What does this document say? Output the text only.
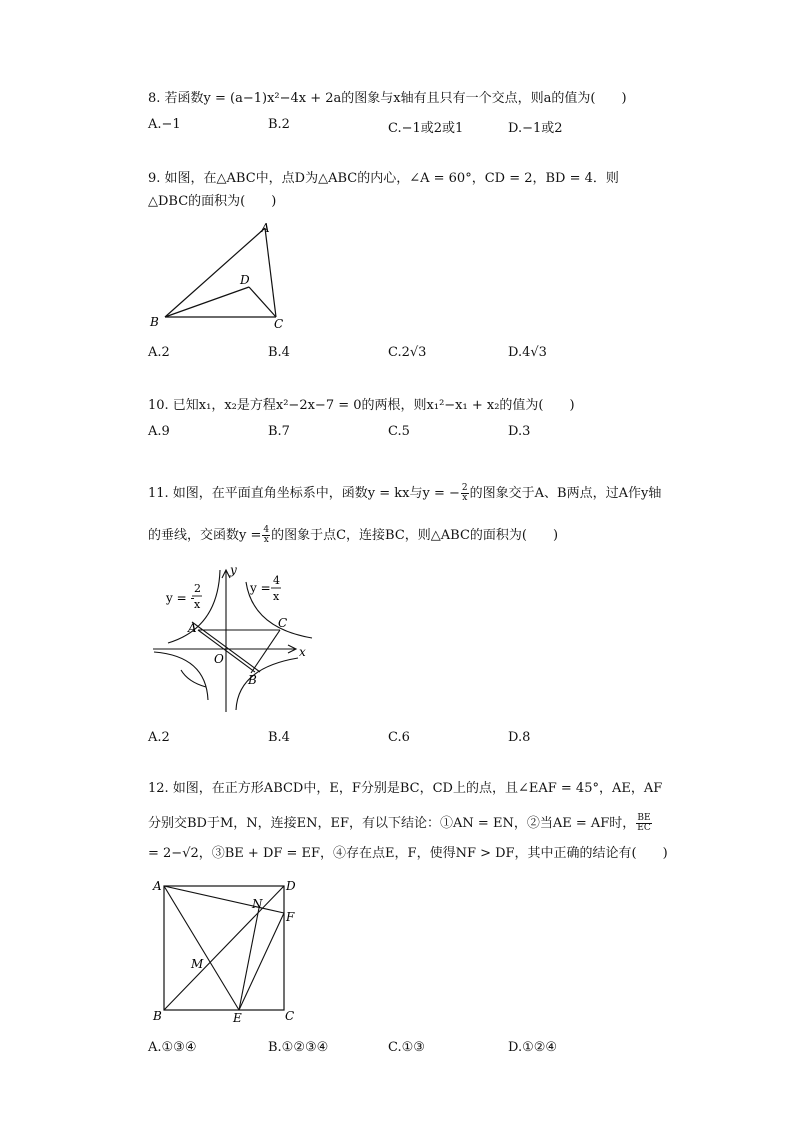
8. 若函数y = (a−1)x²−4x + 2a的图象与x轴有且只有一个交点，则a的值为(　　)
A.−1	B.2	C.−1或2或1	D.−1或2
9. 如图，在△ABC中，点D为△ABC的内心，∠A = 60°，CD = 2，BD = 4．则
△DBC的面积为(　　)
A
B	C
D
A.2	B.4	C.2√3	D.4√3
10. 已知x₁，x₂是方程x²−2x−7 = 0的两根，则x₁²−x₁ + x₂的值为(　　)
A.9	B.7	C.5	D.3
11. 如图，在平面直角坐标系中，函数y = kx与y = − $\frac{2}{x}$ 的图象交于A、B两点，过A作y轴
的垂线，交函数$y = \frac{4}{x}$ 的图象于点C，连接BC，则△ABC的面积为(　　)
y = -
2
x
y =
4
x
y
x
O
A
B
C
A.2	B.4	C.6	D.8
12. 如图，在正方形ABCD中，E，F分别是BC，CD上的点，且∠EAF = 45°，AE，AF
分别交BD于M，N，连接EN，EF，有以下结论：①AN = EN，②当AE = AF时， $\frac{BE}{EC}$
= 2−√2，③BE + DF = EF，④存在点E，F，使得NF > DF，其中正确的结论有(　　)
A	D
B	C
E
F
M
N
A.①③④	B.①②③④	C.①③	D.①②④
